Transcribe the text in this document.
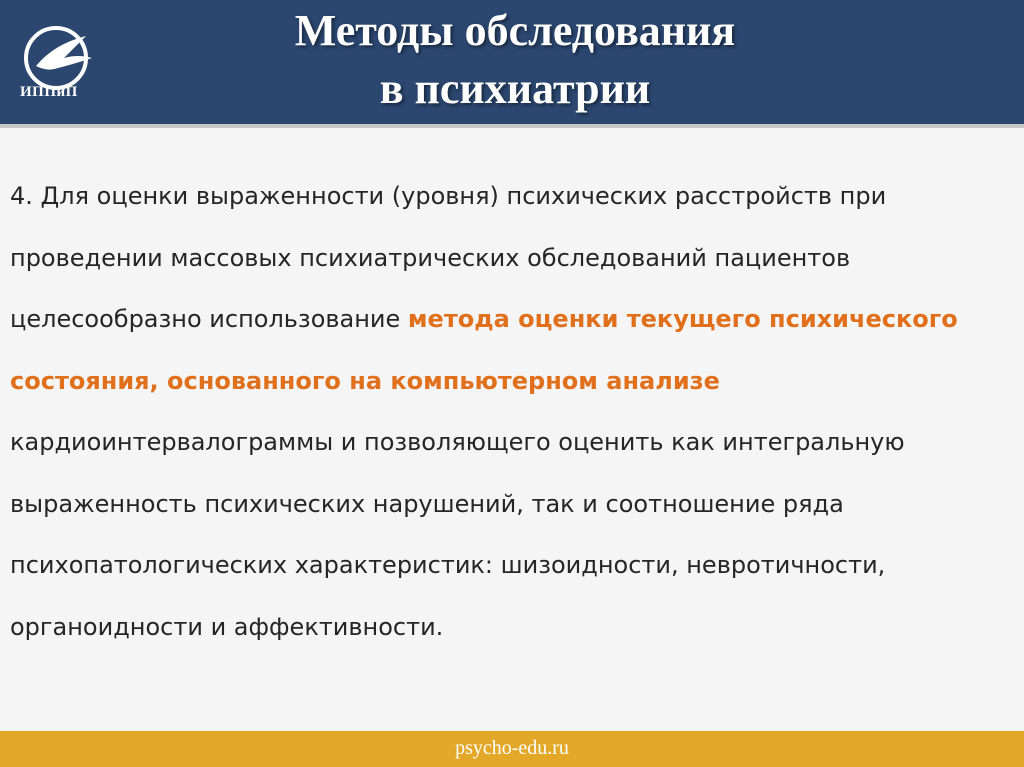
ИППиП
Методы обследования
в психиатрии

4. Для оценки выраженности (уровня) психических расстройств при

проведении массовых психиатрических обследований пациентов

целесообразно использование метода оценки текущего психического

состояния, основанного на компьютерном анализе

кардиоинтервалограммы и позволяющего оценить как интегральную

выраженность психических нарушений, так и соотношение ряда

психопатологических характеристик: шизоидности, невротичности,

органоидности и аффективности.

psycho-edu.ru
